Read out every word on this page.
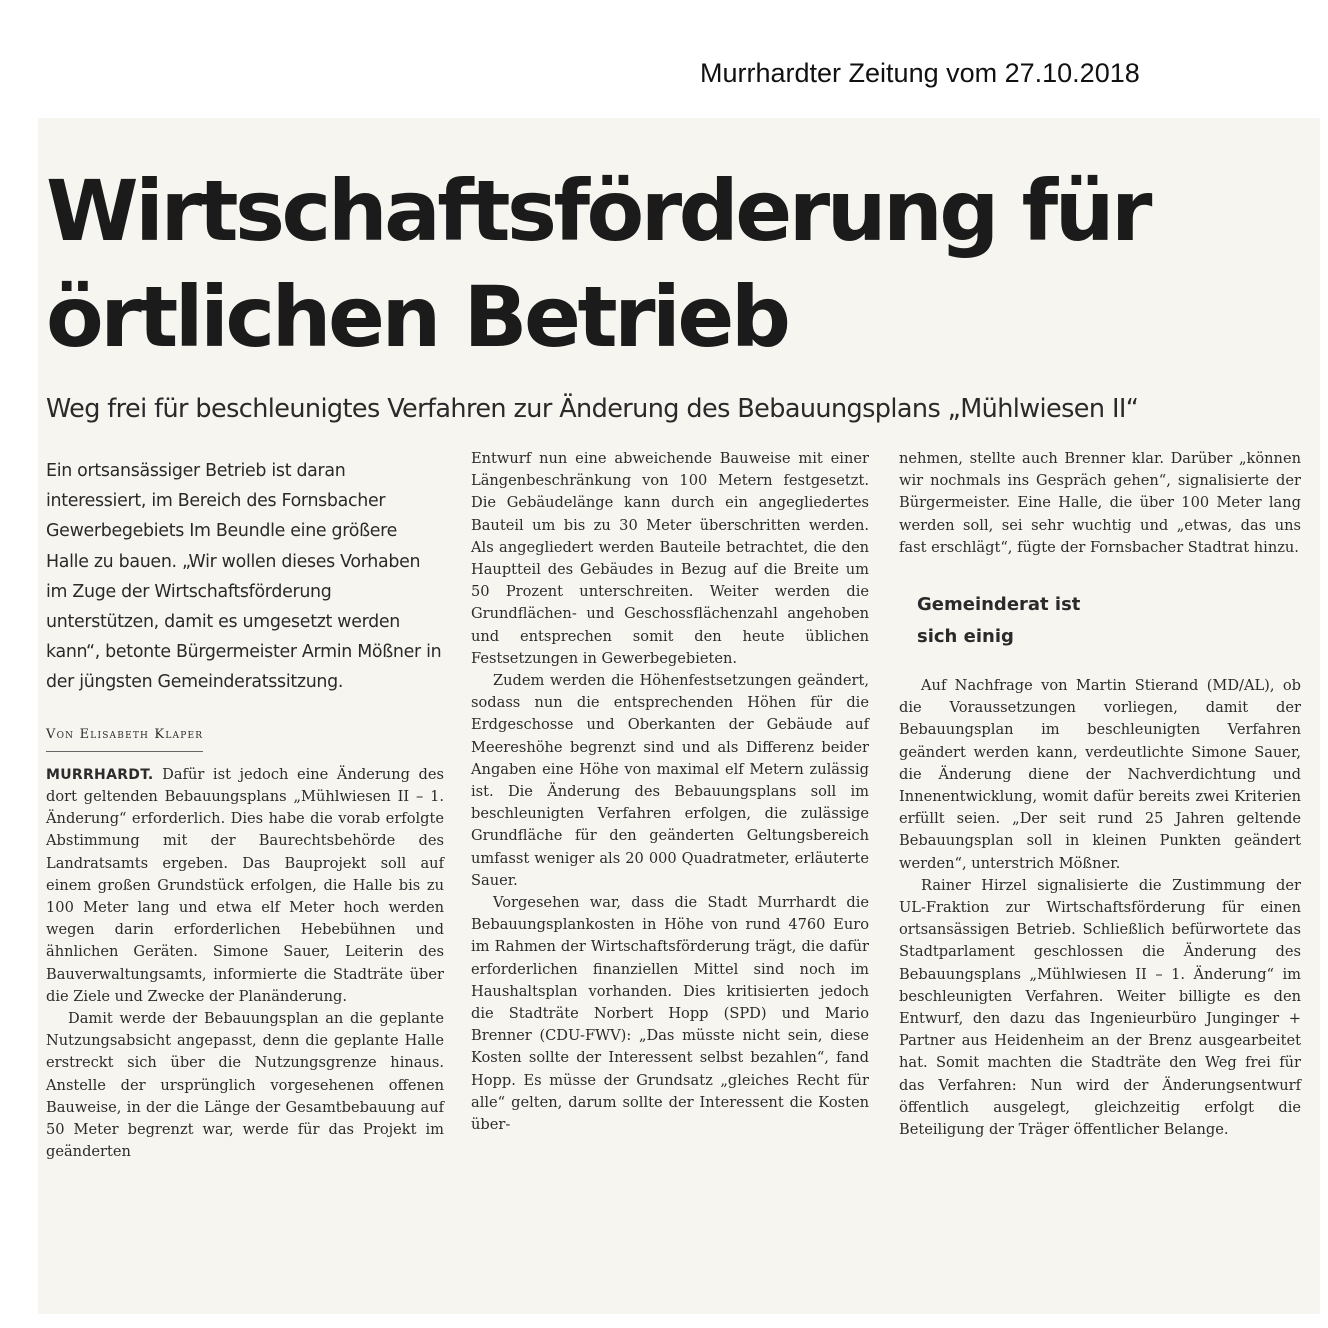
Murrhardter Zeitung vom 27.10.2018
Wirtschaftsförderung für
örtlichen Betrieb
Weg frei für beschleunigtes Verfahren zur Änderung des Bebauungsplans „Mühlwiesen II“

Ein ortsansässiger Betrieb ist daran interessiert, im Bereich des Fornsbacher Gewerbegebiets Im Beundle eine größere Halle zu bauen. „Wir wollen dieses Vorhaben im Zuge der Wirtschaftsförderung unterstützen, damit es umgesetzt werden kann“, betonte Bürgermeister Armin Mößner in der jüngsten Gemeinderatssitzung.

Von Elisabeth Klaper

MURRHARDT. Dafür ist jedoch eine Änderung des dort geltenden Bebauungsplans „Mühlwiesen II – 1. Änderung“ erforderlich. Dies habe die vorab erfolgte Abstimmung mit der Baurechtsbehörde des Landratsamts ergeben. Das Bauprojekt soll auf einem großen Grundstück erfolgen, die Halle bis zu 100 Meter lang und etwa elf Meter hoch werden wegen darin erforderlichen Hebebühnen und ähnlichen Geräten. Simone Sauer, Leiterin des Bauverwaltungsamts, informierte die Stadträte über die Ziele und Zwecke der Planänderung.

Damit werde der Bebauungsplan an die geplante Nutzungsabsicht angepasst, denn die geplante Halle erstreckt sich über die Nutzungsgrenze hinaus. Anstelle der ursprünglich vorgesehenen offenen Bauweise, in der die Länge der Gesamtbebauung auf 50 Meter begrenzt war, werde für das Projekt im geänderten

Entwurf nun eine abweichende Bauweise mit einer Längenbeschränkung von 100 Metern festgesetzt. Die Gebäudelänge kann durch ein angegliedertes Bauteil um bis zu 30 Meter überschritten werden. Als angegliedert werden Bauteile betrachtet, die den Hauptteil des Gebäudes in Bezug auf die Breite um 50 Prozent unterschreiten. Weiter werden die Grundflächen- und Geschossflächenzahl angehoben und entsprechen somit den heute üblichen Festsetzungen in Gewerbegebieten.

Zudem werden die Höhenfestsetzungen geändert, sodass nun die entsprechenden Höhen für die Erdgeschosse und Oberkanten der Gebäude auf Meereshöhe begrenzt sind und als Differenz beider Angaben eine Höhe von maximal elf Metern zulässig ist. Die Änderung des Bebauungsplans soll im beschleunigten Verfahren erfolgen, die zulässige Grundfläche für den geänderten Geltungsbereich umfasst weniger als 20 000 Quadratmeter, erläuterte Sauer.

Vorgesehen war, dass die Stadt Murrhardt die Bebauungsplankosten in Höhe von rund 4760 Euro im Rahmen der Wirtschaftsförderung trägt, die dafür erforderlichen finanziellen Mittel sind noch im Haushaltsplan vorhanden. Dies kritisierten jedoch die Stadträte Norbert Hopp (SPD) und Mario Brenner (CDU-FWV): „Das müsste nicht sein, diese Kosten sollte der Interessent selbst bezahlen“, fand Hopp. Es müsse der Grundsatz „gleiches Recht für alle“ gelten, darum sollte der Interessent die Kosten über-

nehmen, stellte auch Brenner klar. Darüber „können wir nochmals ins Gespräch gehen“, signalisierte der Bürgermeister. Eine Halle, die über 100 Meter lang werden soll, sei sehr wuchtig und „etwas, das uns fast erschlägt“, fügte der Fornsbacher Stadtrat hinzu.

Gemeinderat ist
sich einig

Auf Nachfrage von Martin Stierand (MD/AL), ob die Voraussetzungen vorliegen, damit der Bebauungsplan im beschleunigten Verfahren geändert werden kann, verdeutlichte Simone Sauer, die Änderung diene der Nachverdichtung und Innenentwicklung, womit dafür bereits zwei Kriterien erfüllt seien. „Der seit rund 25 Jahren geltende Bebauungsplan soll in kleinen Punkten geändert werden“, unterstrich Mößner.

Rainer Hirzel signalisierte die Zustimmung der UL-Fraktion zur Wirtschaftsförderung für einen ortsansässigen Betrieb. Schließlich befürwortete das Stadtparlament geschlossen die Änderung des Bebauungsplans „Mühlwiesen II – 1. Änderung“ im beschleunigten Verfahren. Weiter billigte es den Entwurf, den dazu das Ingenieurbüro Junginger + Partner aus Heidenheim an der Brenz ausgearbeitet hat. Somit machten die Stadträte den Weg frei für das Verfahren: Nun wird der Änderungsentwurf öffentlich ausgelegt, gleichzeitig erfolgt die Beteiligung der Träger öffentlicher Belange.
